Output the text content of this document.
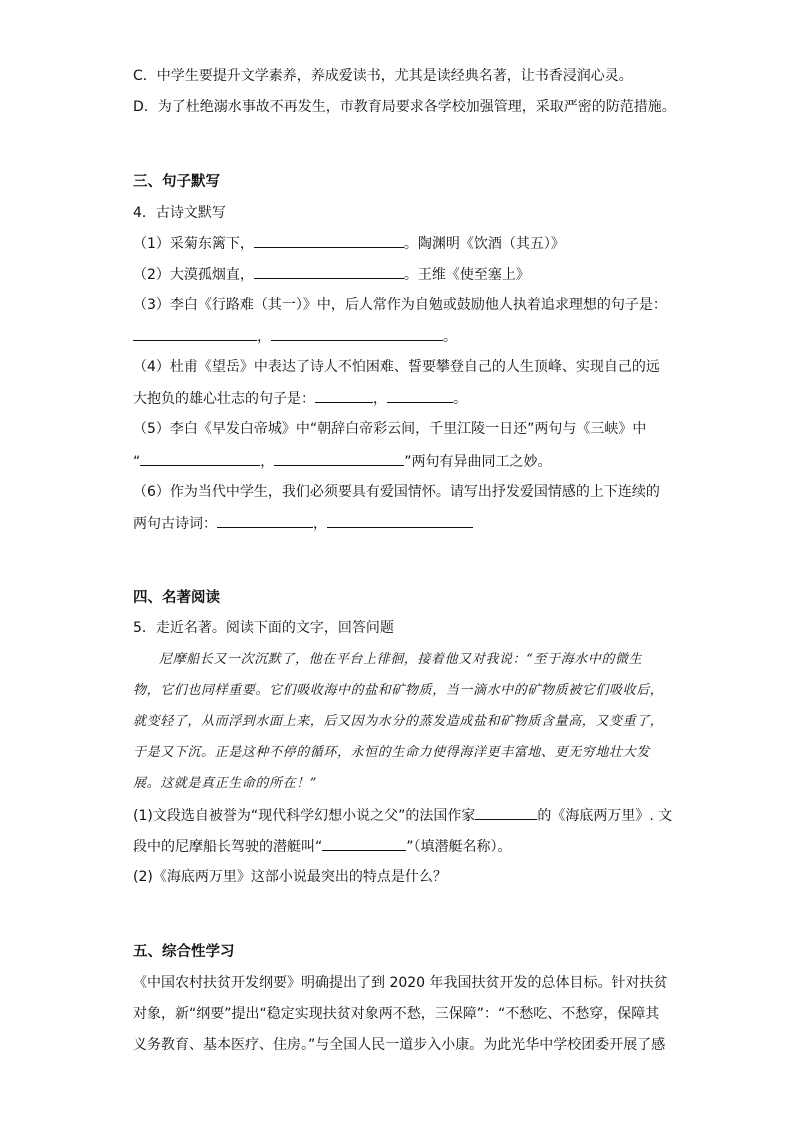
C．中学生要提升文学素养，养成爱读书，尤其是读经典名著，让书香浸润心灵。
D．为了杜绝溺水事故不再发生，市教育局要求各学校加强管理，采取严密的防范措施。
三、句子默写
4．古诗文默写
（1）采菊东篱下，	。陶渊明《饮酒（其五）》
（2）大漠孤烟直，	。王维《使至塞上》
（3）李白《行路难（其一）》中，后人常作为自勉或鼓励他人执着追求理想的句子是：
，	。
（4）杜甫《望岳》中表达了诗人不怕困难、誓要攀登自己的人生顶峰、实现自己的远
大抱负的雄心壮志的句子是：	，	。
（5）李白《早发白帝城》中“朝辞白帝彩云间，千里江陵一日还”两句与《三峡》中
“	，	”两句有异曲同工之妙。
（6）作为当代中学生，我们必须要具有爱国情怀。请写出抒发爱国情感的上下连续的
两句古诗词：	，
四、名著阅读
5．走近名著。阅读下面的文字，回答问题
尼摩船长又一次沉默了，他在平台上徘徊，接着他又对我说：“至于海水中的微生
物，它们也同样重要。它们吸收海中的盐和矿物质，当一滴水中的矿物质被它们吸收后，
就变轻了，从而浮到水面上来，后又因为水分的蒸发造成盐和矿物质含量高，又变重了，
于是又下沉。正是这种不停的循环，永恒的生命力使得海洋更丰富地、更无穷地壮大发
展。这就是真正生命的所在！”
(1)文段选自被誉为“现代科学幻想小说之父”的法国作家	的《海底两万里》. 文
段中的尼摩船长驾驶的潜艇叫“	”（填潜艇名称）。
(2)《海底两万里》这部小说最突出的特点是什么？
五、综合性学习
《中国农村扶贫开发纲要》明确提出了到 2020 年我国扶贫开发的总体目标。针对扶贫
对象，新“纲要”提出“稳定实现扶贫对象两不愁，三保障”：“不愁吃、不愁穿，保障其
义务教育、基本医疗、住房。”与全国人民一道步入小康。为此光华中学校团委开展了感
